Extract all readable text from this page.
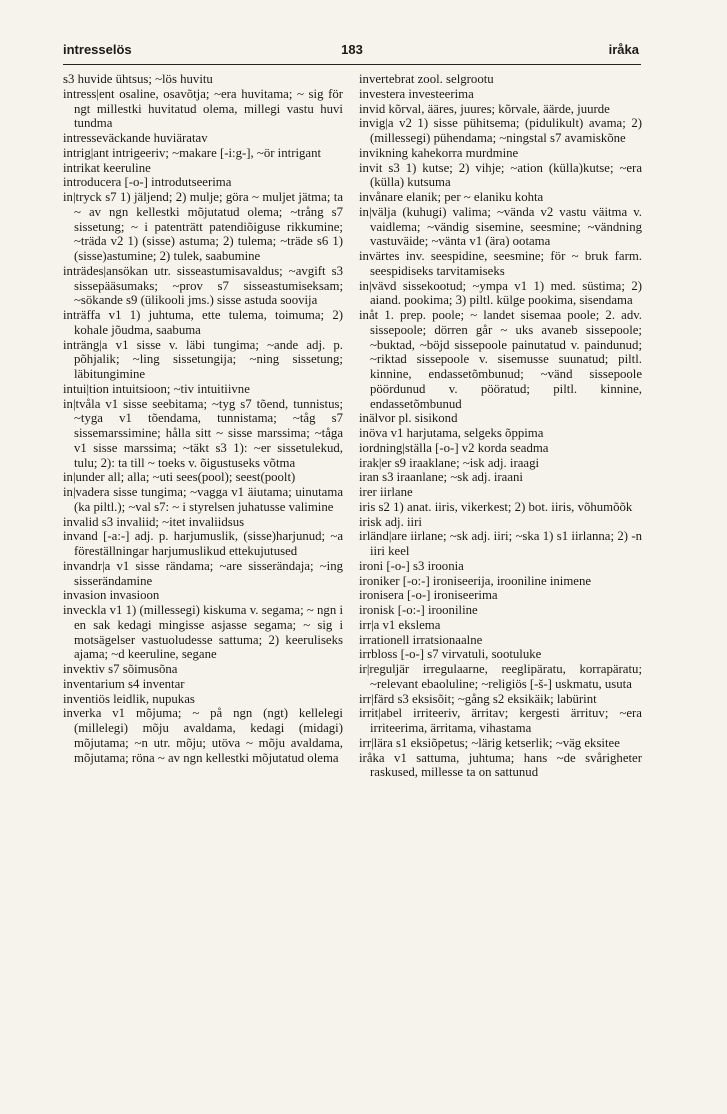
intresselös	183	iråka

s3 huvide ühtsus; ~lös huvitu

intress|ent osaline, osavõtja; ~era huvitama; ~ sig för ngt millestki huvitatud olema, millegi vastu huvi tundma

intresseväckande huviäratav

intrig|ant intrigeeriv; ~makare [-i:g-], ~ör intrigant

intrikat keeruline

introducera [-o-] introdutseerima

in|tryck s7 1) jäljend; 2) mulje; göra ~ muljet jätma; ta ~ av ngn kellestki mõjutatud olema; ~trång s7 sissetung; ~ i patenträtt patendiõiguse rikkumine; ~träda v2 1) (sisse) astuma; 2) tulema; ~träde s6 1) (sisse)astumine; 2) tulek, saabumine

inträdes|ansökan utr. sisseastumisavaldus; ~avgift s3 sissepääsumaks; ~prov s7 sisseastumiseksam; ~sökande s9 (ülikooli jms.) sisse astuda soovija

inträffa v1 1) juhtuma, ette tulema, toimuma; 2) kohale jõudma, saabuma

inträng|a v1 sisse v. läbi tungima; ~ande adj. p. põhjalik; ~ling sissetungija; ~ning sissetung; läbitungimine

intui|tion intuitsioon; ~tiv intuitiivne

in|tvåla v1 sisse seebitama; ~tyg s7 tõend, tunnistus; ~tyga v1 tõendama, tunnistama; ~tåg s7 sissemarssimine; hålla sitt ~ sisse marssima; ~tåga v1 sisse marssima; ~täkt s3 1): ~er sissetulekud, tulu; 2): ta till ~ toeks v. õigustuseks võtma

in|under all; alla; ~uti sees(pool); seest(poolt)

in|vadera sisse tungima; ~vagga v1 äiutama; uinutama (ka piltl.); ~val s7: ~ i styrelsen juhatusse valimine

invalid s3 invaliid; ~itet invaliidsus

invand [-a:-] adj. p. harjumuslik, (sisse)harjunud; ~a föreställningar harjumuslikud ettekujutused

invandr|a v1 sisse rändama; ~are sisserändaja; ~ing sisserändamine

invasion invasioon

inveckla v1 1) (millessegi) kiskuma v. segama; ~ ngn i en sak kedagi mingisse asjasse segama; ~ sig i motsägelser vastuoludesse sattuma; 2) keeruliseks ajama; ~d keeruline, segane

invektiv s7 sõimusõna

inventarium s4 inventar

inventiös leidlik, nupukas

inverka v1 mõjuma; ~ på ngn (ngt) kellelegi (millelegi) mõju avaldama, kedagi (midagi) mõjutama; ~n utr. mõju; utöva ~ mõju avaldama, mõjutama; röna ~ av ngn kellestki mõjutatud olema

invertebrat zool. selgrootu

investera investeerima

invid kõrval, ääres, juures; kõrvale, äärde, juurde

invig|a v2 1) sisse pühitsema; (pidulikult) avama; 2) (millessegi) pühendama; ~ningstal s7 avamiskõne

invikning kahekorra murdmine

invit s3 1) kutse; 2) vihje; ~ation (külla)kutse; ~era (külla) kutsuma

invånare elanik; per ~ elaniku kohta

in|välja (kuhugi) valima; ~vända v2 vastu väitma v. vaidlema; ~vändig sisemine, seesmine; ~vändning vastuväide; ~vänta v1 (ära) ootama

invärtes inv. seespidine, seesmine; för ~ bruk farm. seespidiseks tarvitamiseks

in|vävd sissekootud; ~ympa v1 1) med. süstima; 2) aiand. pookima; 3) piltl. külge pookima, sisendama

inåt 1. prep. poole; ~ landet sisemaa poole; 2. adv. sissepoole; dörren går ~ uks avaneb sissepoole; ~buktad, ~böjd sissepoole painutatud v. paindunud; ~riktad sissepoole v. sisemusse suunatud; piltl. kinnine, endassetõmbunud; ~vänd sissepoole pöördunud v. pööratud; piltl. kinnine, endassetõmbunud

inälvor pl. sisikond

inöva v1 harjutama, selgeks õppima

iordning|ställa [-o-] v2 korda seadma

irak|er s9 iraaklane; ~isk adj. iraagi

iran s3 iraanlane; ~sk adj. iraani

irer iirlane

iris s2 1) anat. iiris, vikerkest; 2) bot. iiris, võhumõõk

irisk adj. iiri

irländ|are iirlane; ~sk adj. iiri; ~ska 1) s1 iirlanna; 2) -n iiri keel

ironi [-o-] s3 iroonia

ironiker [-o:-] ironiseerija, irooniline inimene

ironisera [-o-] ironiseerima

ironisk [-o:-] irooniline

irr|a v1 ekslema

irrationell irratsionaalne

irrbloss [-o-] s7 virvatuli, sootuluke

ir|reguljär irregulaarne, reeglipäratu, korrapäratu; ~relevant ebaoluline; ~religiös [-š-] uskmatu, usuta

irr|färd s3 eksisõit; ~gång s2 eksikäik; labürint

irrit|abel irriteeriv, ärritav; kergesti ärrituv; ~era irriteerima, ärritama, vihastama

irr|lära s1 eksiõpetus; ~lärig ketserlik; ~väg eksitee

iråka v1 sattuma, juhtuma; hans ~de svårigheter raskused, millesse ta on sattunud
